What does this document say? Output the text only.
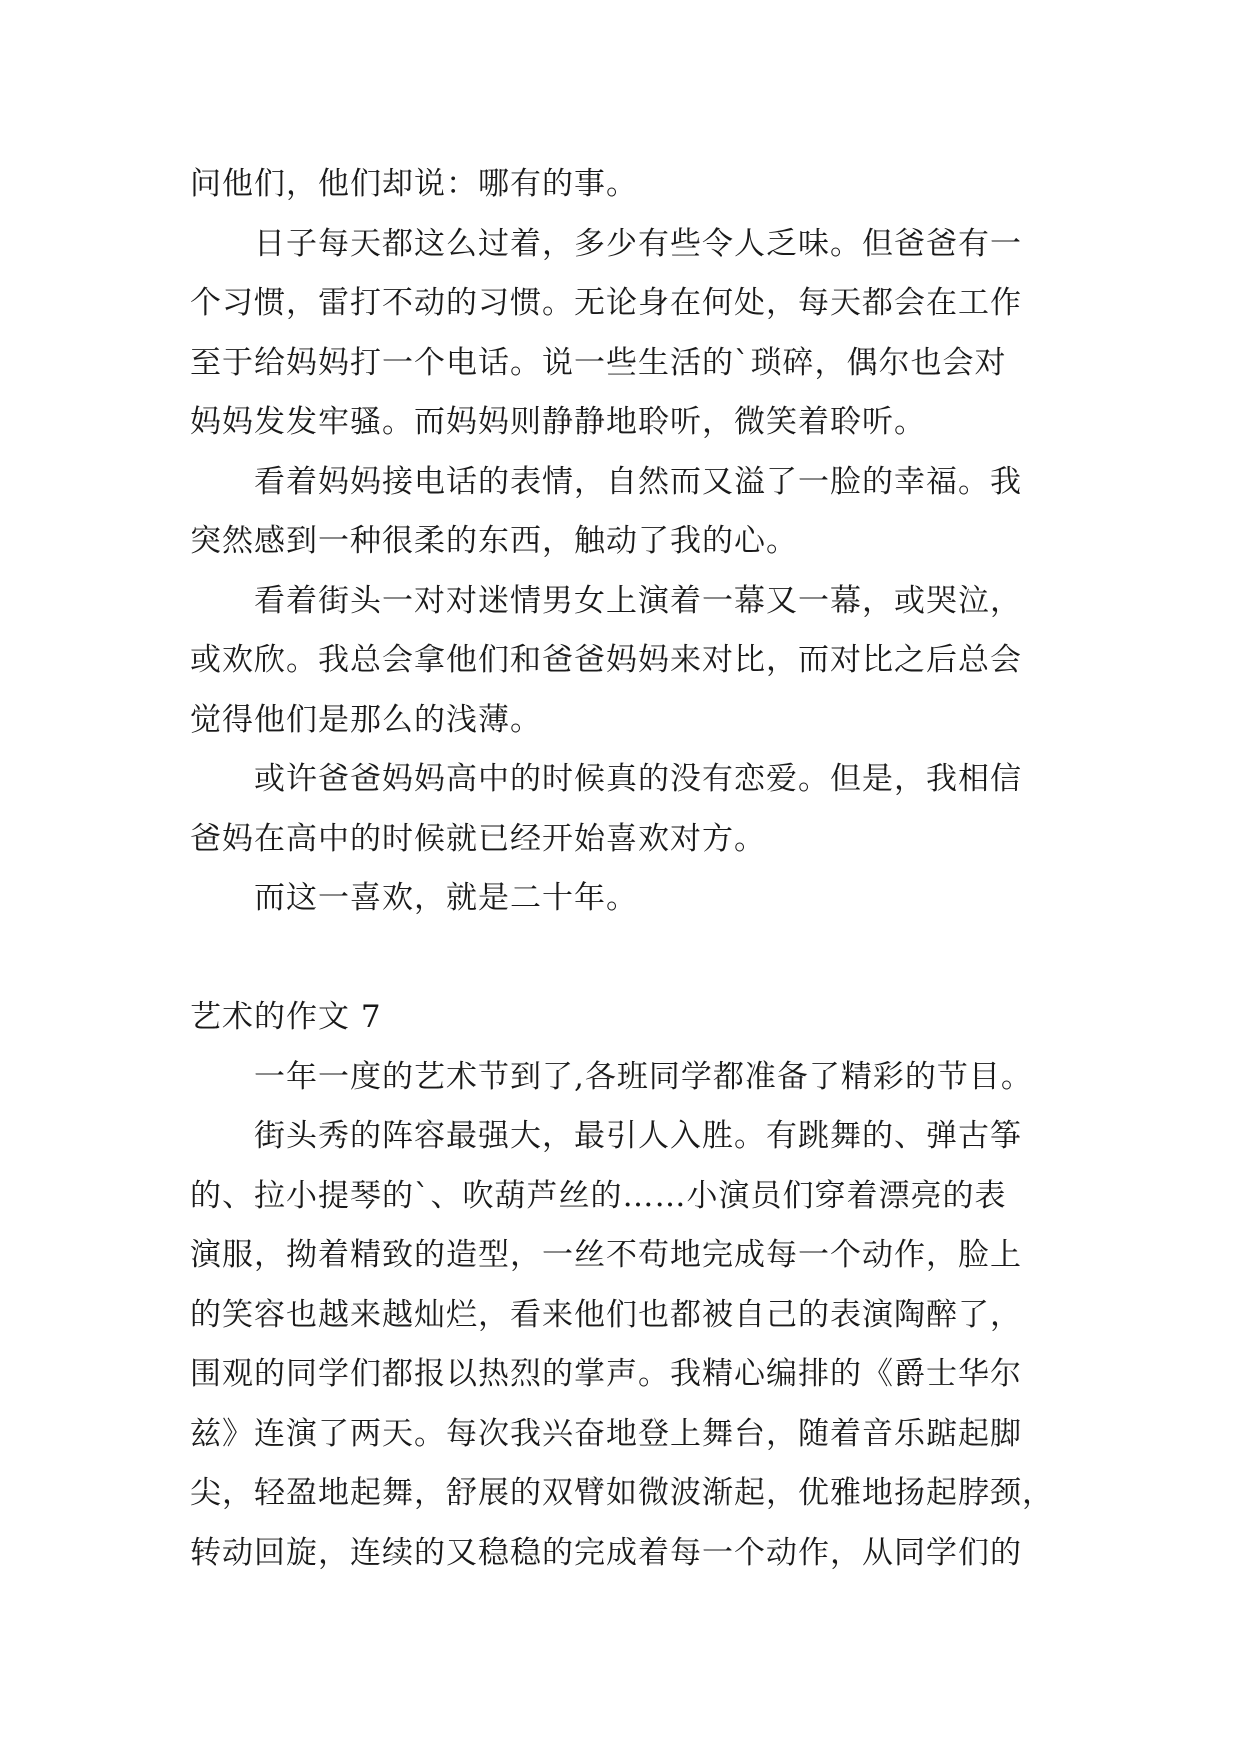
问他们，他们却说：哪有的事。
日子每天都这么过着，多少有些令人乏味。但爸爸有一
个习惯，雷打不动的习惯。无论身在何处，每天都会在工作
至于给妈妈打一个电话。说一些生活的`琐碎，偶尔也会对
妈妈发发牢骚。而妈妈则静静地聆听，微笑着聆听。
看着妈妈接电话的表情，自然而又溢了一脸的幸福。我
突然感到一种很柔的东西，触动了我的心。
看着街头一对对迷情男女上演着一幕又一幕，或哭泣，
或欢欣。我总会拿他们和爸爸妈妈来对比，而对比之后总会
觉得他们是那么的浅薄。
或许爸爸妈妈高中的时候真的没有恋爱。但是，我相信
爸妈在高中的时候就已经开始喜欢对方。
而这一喜欢，就是二十年。
艺术的作文 7
一年一度的艺术节到了,各班同学都准备了精彩的节目。
街头秀的阵容最强大，最引人入胜。有跳舞的、弹古筝
的、拉小提琴的`、吹葫芦丝的……小演员们穿着漂亮的表
演服，拗着精致的造型，一丝不苟地完成每一个动作，脸上
的笑容也越来越灿烂，看来他们也都被自己的表演陶醉了，
围观的同学们都报以热烈的掌声。我精心编排的《爵士华尔
兹》连演了两天。每次我兴奋地登上舞台，随着音乐踮起脚
尖，轻盈地起舞，舒展的双臂如微波渐起，优雅地扬起脖颈，
转动回旋，连续的又稳稳的完成着每一个动作，从同学们的
